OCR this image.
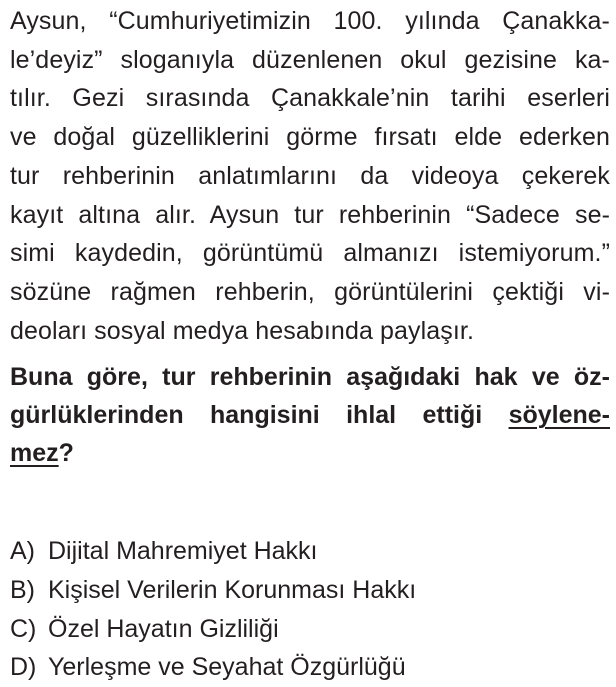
Aysun, “Cumhuriyetimizin 100. yılında Çanakka-
le’deyiz” sloganıyla düzenlenen okul gezisine ka-
tılır. Gezi sırasında Çanakkale’nin tarihi eserleri
ve doğal güzelliklerini görme fırsatı elde ederken
tur rehberinin anlatımlarını da videoya çekerek
kayıt altına alır. Aysun tur rehberinin “Sadece se-
simi kaydedin, görüntümü almanızı istemiyorum.”
sözüne rağmen rehberin, görüntülerini çektiği vi-
deoları sosyal medya hesabında paylaşır.
Buna göre, tur rehberinin aşağıdaki hak ve öz-
gürlüklerinden hangisini ihlal ettiği söylene-
mez?
A) Dijital Mahremiyet Hakkı
B) Kişisel Verilerin Korunması Hakkı
C) Özel Hayatın Gizliliği
D) Yerleşme ve Seyahat Özgürlüğü
